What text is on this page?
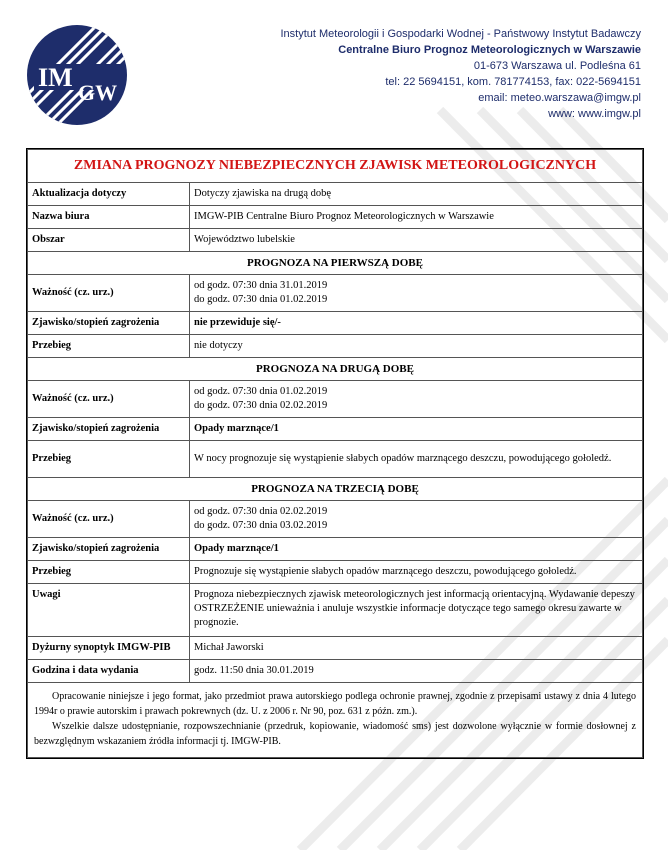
IM
GW
Instytut Meteorologii i Gospodarki Wodnej - Państwowy Instytut Badawczy
Centralne Biuro Prognoz Meteorologicznych w Warszawie
01-673 Warszawa ul. Podleśna 61
tel: 22 5694151, kom. 781774153, fax: 022-5694151
email: meteo.warszawa@imgw.pl
www: www.imgw.pl
ZMIANA PROGNOZY NIEBEZPIECZNYCH ZJAWISK METEOROLOGICZNYCH	
Aktualizacja dotyczy	Dotyczy zjawiska na drugą dobę
Nazwa biura	IMGW-PIB Centralne Biuro Prognoz Meteorologicznych w Warszawie
Obszar	Województwo lubelskie
PROGNOZA NA PIERWSZĄ DOBĘ	
Ważność (cz. urz.)	od godz. 07:30 dnia 31.01.2019
do godz. 07:30 dnia 01.02.2019

Zjawisko/stopień zagrożenia	nie przewiduje się/-
Przebieg	nie dotyczy
PROGNOZA NA DRUGĄ DOBĘ	
Ważność (cz. urz.)	od godz. 07:30 dnia 01.02.2019
do godz. 07:30 dnia 02.02.2019

Zjawisko/stopień zagrożenia	Opady marznące/1
Przebieg	W nocy prognozuje się wystąpienie słabych opadów marznącego deszczu, powodującego gołoledź.
PROGNOZA NA TRZECIĄ DOBĘ	
Ważność (cz. urz.)	od godz. 07:30 dnia 02.02.2019
do godz. 07:30 dnia 03.02.2019

Zjawisko/stopień zagrożenia	Opady marznące/1
Przebieg	Prognozuje się wystąpienie słabych opadów marznącego deszczu, powodującego gołoledź.
Uwagi	Prognoza niebezpiecznych zjawisk meteorologicznych jest informacją orientacyjną. Wydawanie depeszy OSTRZEŻENIE unieważnia i anuluje wszystkie informacje dotyczące tego samego okresu zawarte w prognozie.
Dyżurny synoptyk IMGW-PIB	Michał Jaworski
Godzina i data wydania	godz. 11:50 dnia 30.01.2019

Opracowanie niniejsze i jego format, jako przedmiot prawa autorskiego podlega ochronie prawnej, zgodnie z przepisami ustawy z dnia 4 lutego 1994r o prawie autorskim i prawach pokrewnych (dz. U. z 2006 r. Nr 90, poz. 631 z późn. zm.).

Wszelkie dalsze udostępnianie, rozpowszechnianie (przedruk, kopiowanie, wiadomość sms) jest dozwolone wyłącznie w formie dosłownej z bezwzględnym wskazaniem źródła informacji tj. IMGW-PIB.	
